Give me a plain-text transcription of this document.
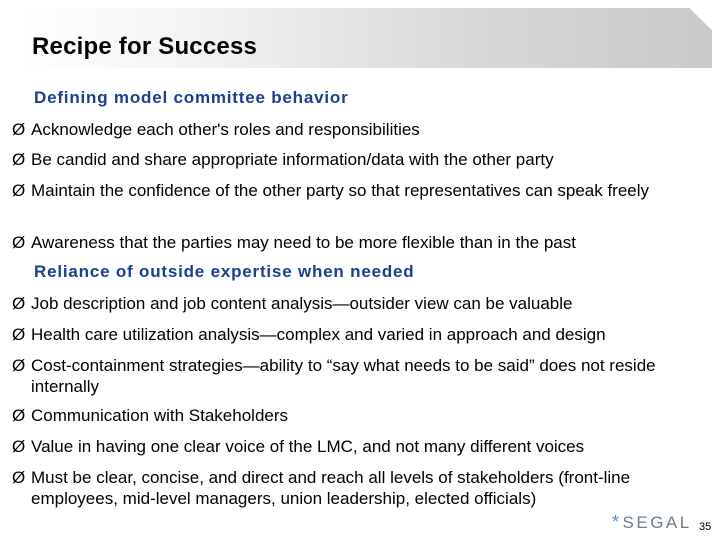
Recipe for Success
Defining model committee behavior
Ø Acknowledge each other's roles and responsibilities
Ø Be candid and share appropriate information/data with the other party
Ø Maintain the confidence of the other party so that representatives can speak freely
Ø Awareness that the parties may need to be more flexible than in the past
Reliance of outside expertise when needed
Ø Job description and job content analysis—outsider view can be valuable
Ø Health care utilization analysis—complex and varied in approach and design
Ø Cost-containment strategies—ability to “say what needs to be said” does not reside internally
Ø Communication with Stakeholders
Ø Value in having one clear voice of the LMC, and not many different voices
Ø Must be clear, concise, and direct and reach all levels of stakeholders (front-line employees, mid-level managers, union leadership, elected officials)
*SEGAL 35
